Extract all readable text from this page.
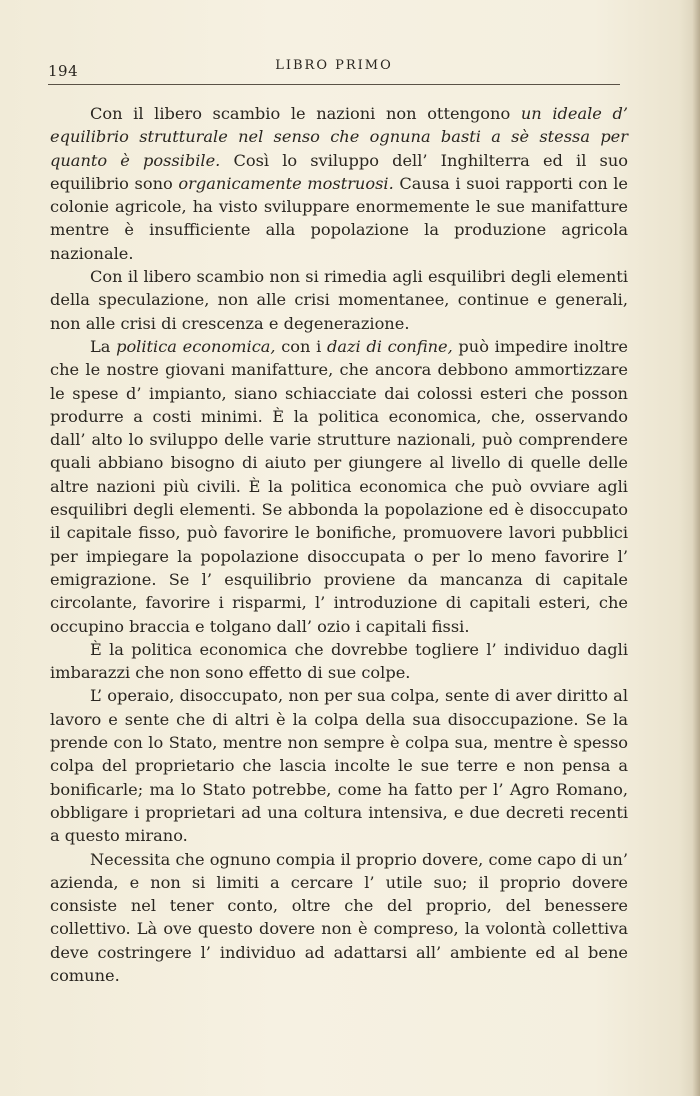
194	LIBRO PRIMO

Con il libero scambio le nazioni non ottengono un ideale d’ equilibrio strutturale nel senso che ognuna basti a sè stessa per quanto è possibile. Così lo sviluppo dell’ Inghilterra ed il suo equilibrio sono organicamente mostruosi. Causa i suoi rapporti con le colonie agricole, ha visto sviluppare enormemente le sue manifatture mentre è insufficiente alla popolazione la produzione agricola nazionale.

Con il libero scambio non si rimedia agli esquilibri degli elementi della speculazione, non alle crisi momentanee, continue e generali, non alle crisi di crescenza e degenerazione.

La politica economica, con i dazi di confine, può impedire inoltre che le nostre giovani manifatture, che ancora debbono ammortizzare le spese d’ impianto, siano schiacciate dai colossi esteri che posson produrre a costi minimi. È la politica economica, che, osservando dall’ alto lo sviluppo delle varie strutture nazionali, può comprendere quali abbiano bisogno di aiuto per giungere al livello di quelle delle altre nazioni più civili. È la politica economica che può ovviare agli esquilibri degli elementi. Se abbonda la popolazione ed è disoccupato il capitale fisso, può favorire le bonifiche, promuovere lavori pubblici per impiegare la popolazione disoccupata o per lo meno favorire l’ emigrazione. Se l’ esquilibrio proviene da mancanza di capitale circolante, favorire i risparmi, l’ introduzione di capitali esteri, che occupino braccia e tolgano dall’ ozio i capitali fissi.

È la politica economica che dovrebbe togliere l’ individuo dagli imbarazzi che non sono effetto di sue colpe.

L’ operaio, disoccupato, non per sua colpa, sente di aver diritto al lavoro e sente che di altri è la colpa della sua disoccupazione. Se la prende con lo Stato, mentre non sempre è colpa sua, mentre è spesso colpa del proprietario che lascia incolte le sue terre e non pensa a bonificarle; ma lo Stato potrebbe, come ha fatto per l’ Agro Romano, obbligare i proprietari ad una coltura intensiva, e due decreti recenti a questo mirano.

Necessita che ognuno compia il proprio dovere, come capo di un’ azienda, e non si limiti a cercare l’ utile suo; il proprio dovere consiste nel tener conto, oltre che del proprio, del benessere collettivo. Là ove questo dovere non è compreso, la volontà collettiva deve costringere l’ individuo ad adattarsi all’ ambiente ed al bene comune.
